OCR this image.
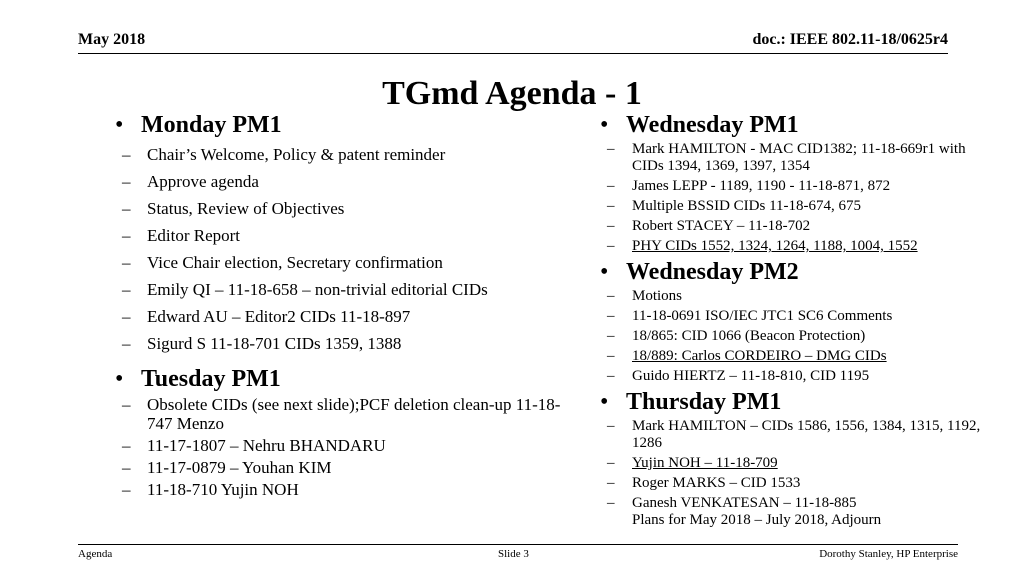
May 2018	doc.: IEEE 802.11-18/0625r4
TGmd Agenda - 1
• Monday PM1
– Chair’s Welcome, Policy & patent reminder
– Approve agenda
– Status, Review of Objectives
– Editor Report
– Vice Chair election, Secretary confirmation
– Emily QI – 11-18-658 – non-trivial editorial CIDs
– Edward AU – Editor2 CIDs 11-18-897
– Sigurd S 11-18-701 CIDs 1359, 1388
• Tuesday PM1
– Obsolete CIDs (see next slide);PCF deletion clean-up 11-18-747 Menzo
– 11-17-1807 – Nehru BHANDARU
– 11-17-0879 – Youhan KIM
– 11-18-710 Yujin NOH
• Wednesday PM1
– Mark HAMILTON - MAC CID1382; 11-18-669r1 with CIDs 1394, 1369, 1397, 1354
– James LEPP - 1189, 1190 - 11-18-871, 872
– Multiple BSSID CIDs 11-18-674, 675
– Robert STACEY – 11-18-702
– PHY CIDs 1552, 1324, 1264, 1188, 1004, 1552
• Wednesday PM2
– Motions
– 11-18-0691 ISO/IEC JTC1 SC6 Comments
– 18/865: CID 1066 (Beacon Protection)
– 18/889: Carlos CORDEIRO – DMG CIDs
– Guido HIERTZ – 11-18-810, CID 1195
• Thursday PM1
– Mark HAMILTON – CIDs 1586, 1556, 1384, 1315, 1192, 1286
– Yujin NOH – 11-18-709
– Roger MARKS – CID 1533
– Ganesh VENKATESAN – 11-18-885
Plans for May 2018 – July 2018, Adjourn
Agenda	Slide 3	Dorothy Stanley, HP Enterprise
